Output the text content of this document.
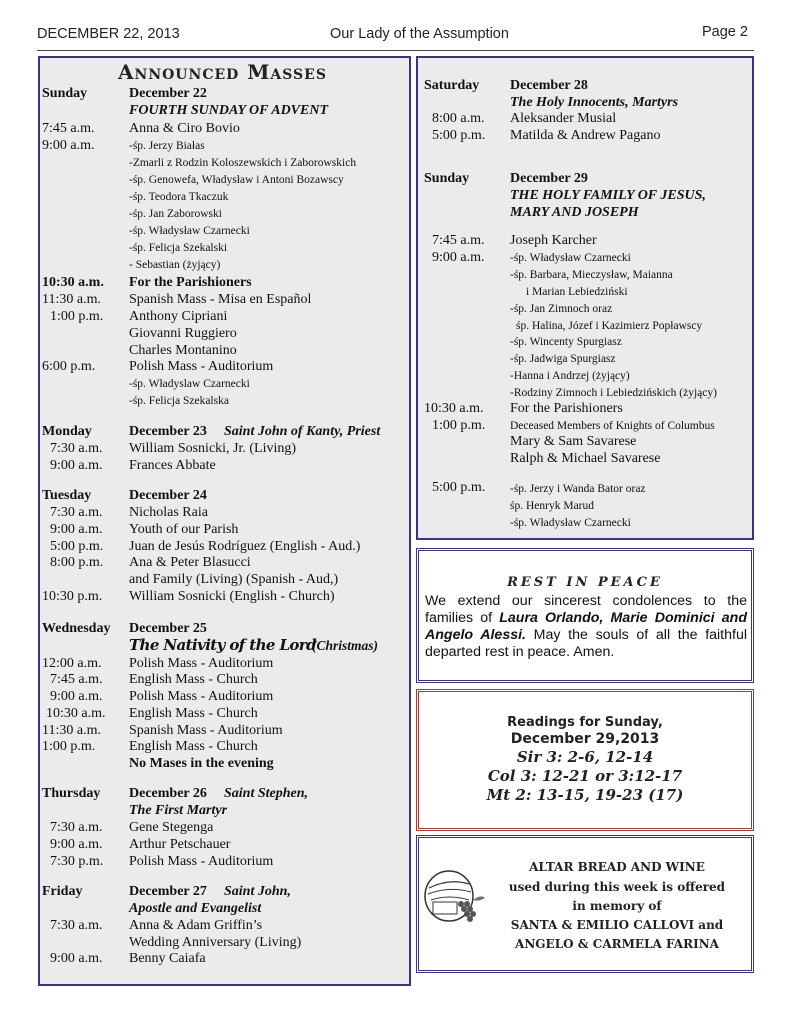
DECEMBER 22, 2013	Our Lady of the Assumption	Page 2
Announced Masses
Sunday	December 22
FOURTH SUNDAY OF ADVENT
7:45 a.m. Anna & Ciro Bovio
9:00 a.m.	-śp. Jerzy Białas
-Zmarli z Rodzin Koloszewskich i Zaborowskich
-śp. Genowefa, Władysław i Antoni Bozawscy
-śp. Teodora Tkaczuk
-śp. Jan Zaborowski
-śp. Władysław Czarnecki
-śp. Felicja Szekalski
- Sebastian (żyjący)
10:30 a.m. For the Parishioners
11:30 a.m. Spanish Mass - Misa en Español
1:00 p.m. Anthony Cipriani
Giovanni Ruggiero
Charles Montanino
6:00 p.m. Polish Mass - Auditorium
-śp. Władyslaw Czarnecki
-śp. Felicja Szekalska
Monday	December 23 Saint John of Kanty, Priest
7:30 a.m. William Sosnicki, Jr. (Living)
9:00 a.m. Frances Abbate
Tuesday	December 24
7:30 a.m. Nicholas Raia
9:00 a.m. Youth of our Parish
5:00 p.m. Juan de Jesús Rodríguez (English - Aud.)
8:00 p.m. Ana & Peter Blasucci
and Family (Living) (Spanish - Aud,)
10:30 p.m. William Sosnicki (English - Church)
Wednesday December 25
The Nativity of the Lord
(Christmas)
12:00 a.m. Polish Mass - Auditorium
7:45 a.m. English Mass - Church
9:00 a.m. Polish Mass - Auditorium
10:30 a.m. English Mass - Church
11:30 a.m. Spanish Mass - Auditorium
1:00 p.m. English Mass - Church
No Mases in the evening
Thursday December 26 Saint Stephen,
The First Martyr
7:30 a.m. Gene Stegenga
9:00 a.m. Arthur Petschauer
7:30 p.m. Polish Mass - Auditorium
Friday	December 27 Saint John,
Apostle and Evangelist
7:30 a.m. Anna & Adam Griffin’s
Wedding Anniversary (Living)
9:00 a.m. Benny Caiafa
Saturday December 28
The Holy Innocents, Martyrs
8:00 a.m. Aleksander Musial
5:00 p.m. Matilda & Andrew Pagano
Sunday	December 29
THE HOLY FAMILY OF JESUS,
MARY AND JOSEPH
7:45 a.m. Joseph Karcher
9:00 a.m. -śp. Władysław Czarnecki
-śp. Barbara, Mieczysław, Maianna
i Marian Lebiedziński
-śp. Jan Zimnoch oraz
śp. Halina, Józef i Kazimierz Popławscy
-śp. Wincenty Spurgiasz
-śp. Jadwiga Spurgiasz
-Hanna i Andrzej (żyjący)
-Rodziny Zimnoch i Lebiedzińskich (żyjący)
10:30 a.m. For the Parishioners
1:00 p.m. Deceased Members of Knights of Columbus
Mary & Sam Savarese
Ralph & Michael Savarese
5:00 p.m. -śp. Jerzy i Wanda Bator oraz
śp. Henryk Marud
-śp. Władysław Czarnecki
REST IN PEACE
We extend our sincerest condolences to the families of Laura Orlando, Marie Dominici and Angelo Alessi. May the souls of all the faithful departed rest in peace. Amen.
Readings for Sunday,
December 29,2013
Sir 3: 2-6, 12-14
Col 3: 12-21 or 3:12-17
Mt 2: 13-15, 19-23 (17)
ALTAR BREAD AND WINE
used during this week is offered
in memory of
SANTA & EMILIO CALLOVI and
ANGELO & CARMELA FARINA
